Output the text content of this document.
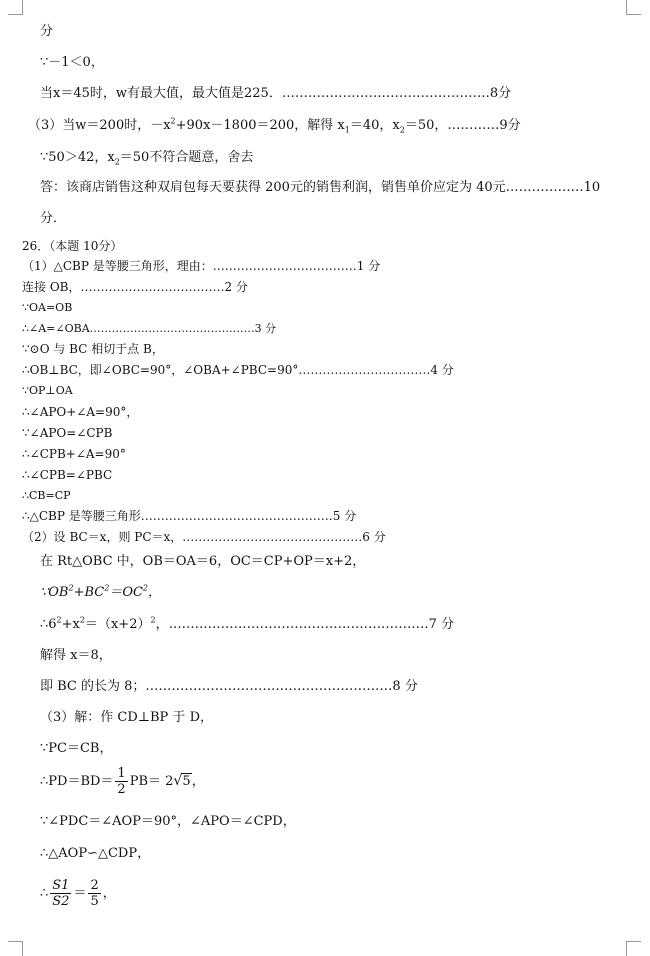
分
∵－1＜0，
当x＝45时，w有最大值，最大值是225．…………………………………………8分
（3）当w＝200时，$-x^2+90x-1800=200$，解得 $x_1=40$，$x_2=50$，…………9分
∵50＞42，$x_2=50$不符合题意，舍去
答：该商店销售这种双肩包每天要获得 200元的销售利润，销售单价应定为 40元………………10
分．
26．（本题 10分）
（1）△CBP 是等腰三角形，理由：………………………………1 分
连接 OB，………………………………2 分
∵OA=OB
∴∠A=∠OBA………………………………………3 分
∵⊙O 与 BC 相切于点 B，
∴OB⊥BC，即∠OBC=90°，∠OBA+∠PBC=90°……………………………4 分
∵OP⊥OA
∴∠APO+∠A=90°，
∵∠APO=∠CPB
∴∠CPB+∠A=90°
∴∠CPB=∠PBC
∴CB=CP
∴△CBP 是等腰三角形…………………………………………5 分
（2）设 BC＝x，则 PC＝x，………………………………………6 分
在 Rt△OBC 中，OB＝OA＝6，OC＝CP+OP＝x+2，
$\because OB^2+BC^2=OC^2$，
$\therefore 6^2+x^2=(x+2)^2$，……………………………………………………7 分
解得 x＝8，
即 BC 的长为 8；…………………………………………………8 分
（3）解：作 CD⊥BP 于 D，
∵PC＝CB，
∴PD＝BD＝ $\frac{1}{2} PB= 2$ √ 5，
∵∠PDC＝∠AOP＝90°，∠APO＝∠CPD，
∴△AOP∽△CDP，
∴ $\frac{S1}{S2} = \frac{2}{5}$ ，
